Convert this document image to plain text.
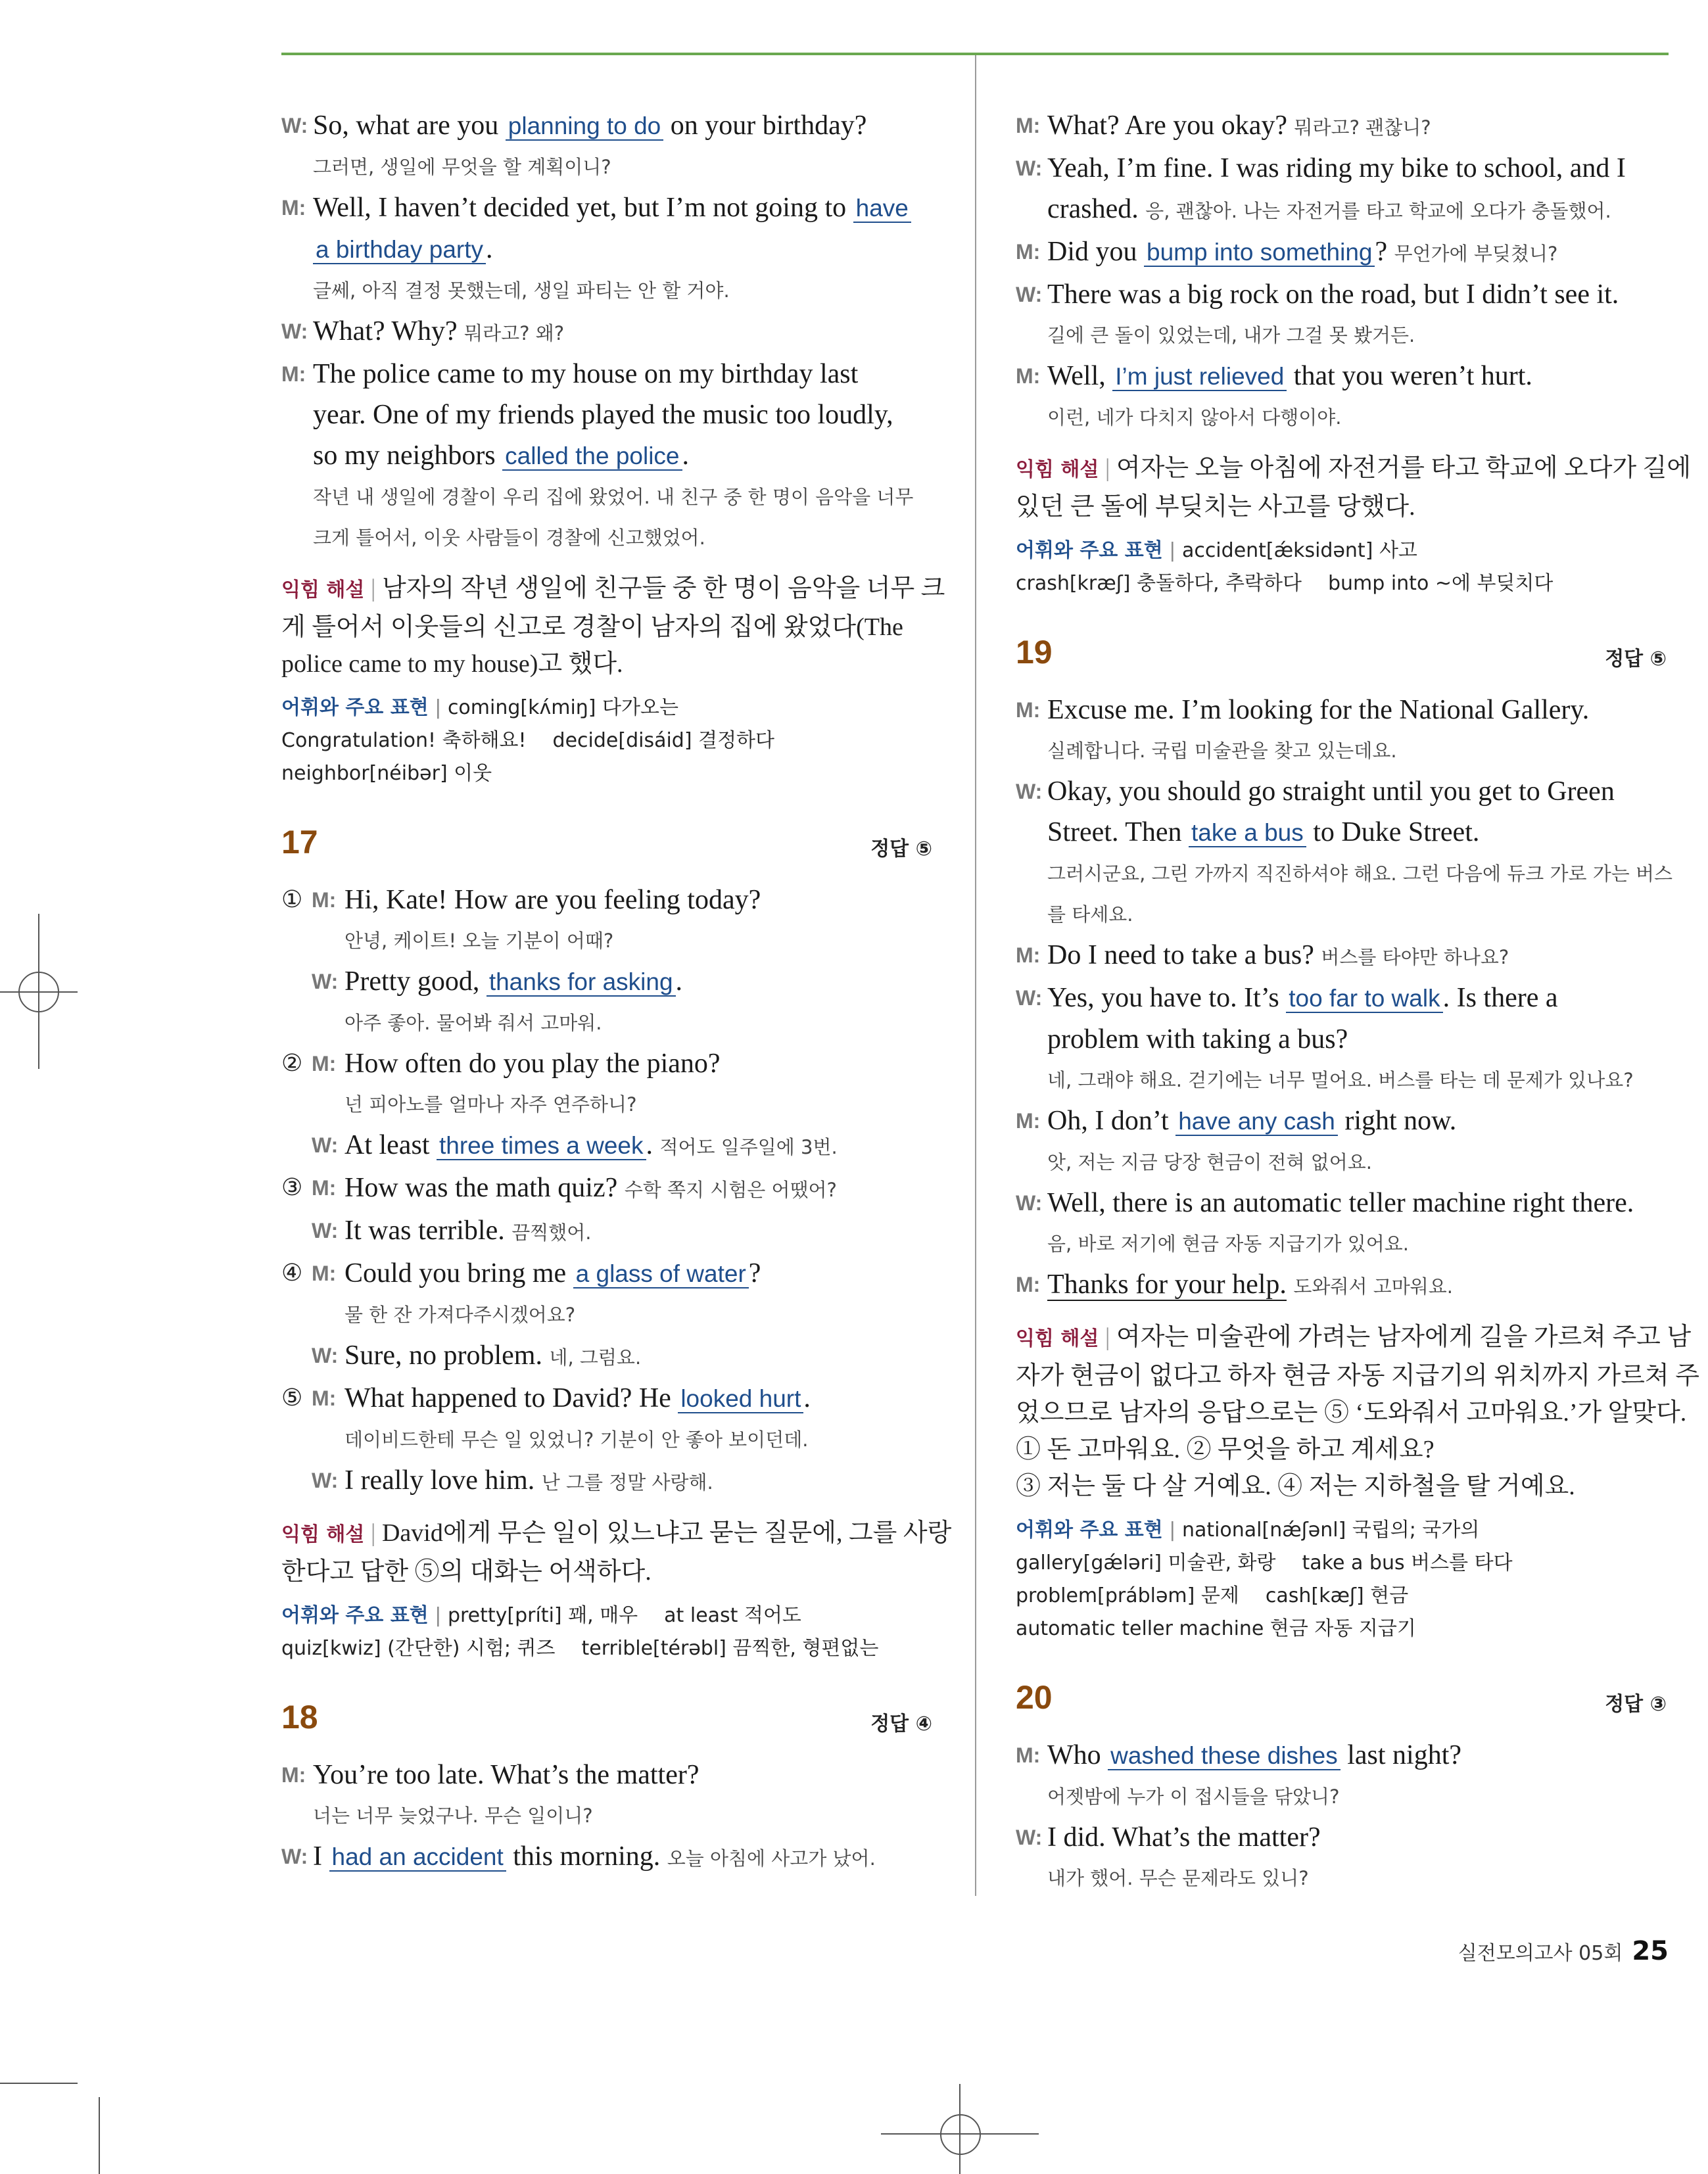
W: So, what are you planning to do on your birthday?
그러면, 생일에 무엇을 할 계획이니?
M: Well, I haven’t decided yet, but I’m not going to have
a birthday party.
글쎄, 아직 결정 못했는데, 생일 파티는 안 할 거야.
W: What? Why? 뭐라고? 왜?
M: The police came to my house on my birthday last
year. One of my friends played the music too loudly,
so my neighbors called the police.
작년 내 생일에 경찰이 우리 집에 왔었어. 내 친구 중 한 명이 음악을 너무
크게 틀어서, 이웃 사람들이 경찰에 신고했었어.
익힘 해설 | 남자의 작년 생일에 친구들 중 한 명이 음악을 너무 크
게 틀어서 이웃들의 신고로 경찰이 남자의 집에 왔었다(The
police came to my house)고 했다.
어휘와 주요 표현 | coming[kʌ́miŋ] 다가오는
Congratulation! 축하해요! decide[disáid] 결정하다
neighbor[néibər] 이웃
17	정답 ⑤
M:
① Hi, Kate! How are you feeling today?
안녕, 케이트! 오늘 기분이 어때?
W: Pretty good, thanks for asking.
아주 좋아. 물어봐 줘서 고마워.
M:
② How often do you play the piano?
넌 피아노를 얼마나 자주 연주하니?
W: At least three times a week. 적어도 일주일에 3번.
M:
③ How was the math quiz? 수학 쪽지 시험은 어땠어?
W: It was terrible. 끔찍했어.
M:
④ Could you bring me a glass of water?
물 한 잔 가져다주시겠어요?
W: Sure, no problem. 네, 그럼요.
M:
⑤ What happened to David? He looked hurt.
데이비드한테 무슨 일 있었니? 기분이 안 좋아 보이던데.
W: I really love him. 난 그를 정말 사랑해.
익힘 해설 | David에게 무슨 일이 있느냐고 묻는 질문에, 그를 사랑
한다고 답한 ⑤의 대화는 어색하다.
어휘와 주요 표현 | pretty[príti] 꽤, 매우 at least 적어도
quiz[kwiz] (간단한) 시험; 퀴즈 terrible[térəbl] 끔찍한, 형편없는
18	정답 ④
M: You’re too late. What’s the matter?
너는 너무 늦었구나. 무슨 일이니?
W: I had an accident this morning. 오늘 아침에 사고가 났어.
M: What? Are you okay? 뭐라고? 괜찮니?
W: Yeah, I’m fine. I was riding my bike to school, and I
crashed. 응, 괜찮아. 나는 자전거를 타고 학교에 오다가 충돌했어.
M: Did you bump into something? 무언가에 부딪쳤니?
W: There was a big rock on the road, but I didn’t see it.
길에 큰 돌이 있었는데, 내가 그걸 못 봤거든.
M: Well, I’m just relieved that you weren’t hurt.
이런, 네가 다치지 않아서 다행이야.
익힘 해설 | 여자는 오늘 아침에 자전거를 타고 학교에 오다가 길에
있던 큰 돌에 부딪치는 사고를 당했다.
어휘와 주요 표현 | accident[ǽksidənt] 사고
crash[kræʃ] 충돌하다, 추락하다 bump into ~에 부딪치다
19	정답 ⑤
M: Excuse me. I’m looking for the National Gallery.
실례합니다. 국립 미술관을 찾고 있는데요.
W: Okay, you should go straight until you get to Green
Street. Then take a bus to Duke Street.
그러시군요, 그린 가까지 직진하셔야 해요. 그런 다음에 듀크 가로 가는 버스
를 타세요.
M: Do I need to take a bus? 버스를 타야만 하나요?
W: Yes, you have to. It’s too far to walk. Is there a
problem with taking a bus?
네, 그래야 해요. 걷기에는 너무 멀어요. 버스를 타는 데 문제가 있나요?
M: Oh, I don’t have any cash right now.
앗, 저는 지금 당장 현금이 전혀 없어요.
W: Well, there is an automatic teller machine right there.
음, 바로 저기에 현금 자동 지급기가 있어요.
M: Thanks for your help. 도와줘서 고마워요.
익힘 해설 | 여자는 미술관에 가려는 남자에게 길을 가르쳐 주고 남
자가 현금이 없다고 하자 현금 자동 지급기의 위치까지 가르쳐 주
었으므로 남자의 응답으로는 ⑤ ‘도와줘서 고마워요.’가 알맞다.
① 돈 고마워요. ② 무엇을 하고 계세요?
③ 저는 둘 다 살 거예요. ④ 저는 지하철을 탈 거예요.
어휘와 주요 표현 | national[nǽʃənl] 국립의; 국가의
gallery[gǽləri] 미술관, 화랑 take a bus 버스를 타다
problem[prábləm] 문제 cash[kæʃ] 현금
automatic teller machine 현금 자동 지급기
20	정답 ③
M: Who washed these dishes last night?
어젯밤에 누가 이 접시들을 닦았니?
W: I did. What’s the matter?
내가 했어. 무슨 문제라도 있니?
실전모의고사 05회 25
